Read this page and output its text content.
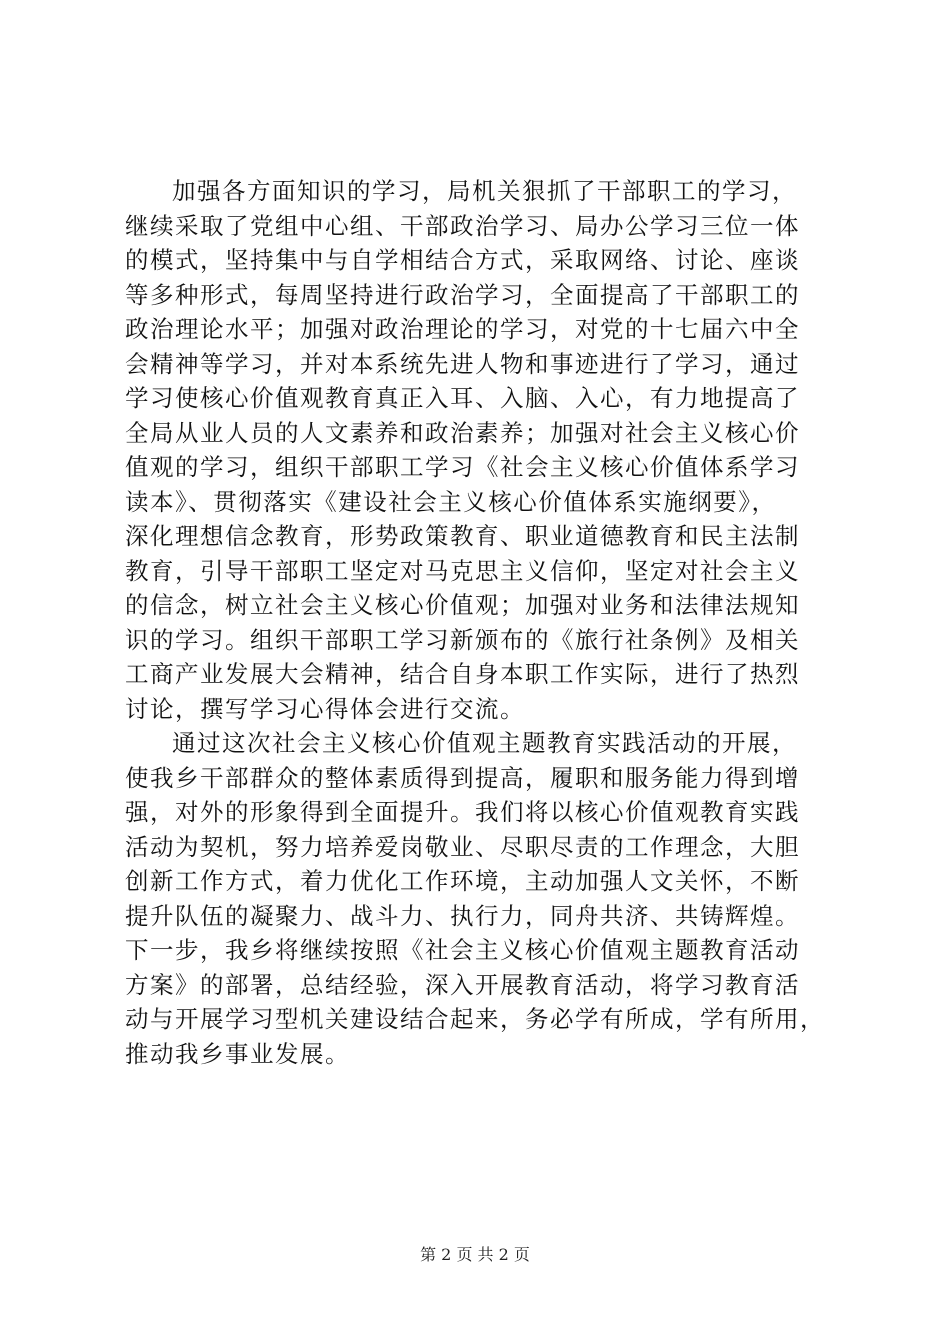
加强各方面知识的学习，局机关狠抓了干部职工的学习，
继续采取了党组中心组、干部政治学习、局办公学习三位一体
的模式，坚持集中与自学相结合方式，采取网络、讨论、座谈
等多种形式，每周坚持进行政治学习，全面提高了干部职工的
政治理论水平；加强对政治理论的学习，对党的十七届六中全
会精神等学习，并对本系统先进人物和事迹进行了学习，通过
学习使核心价值观教育真正入耳、入脑、入心，有力地提高了
全局从业人员的人文素养和政治素养；加强对社会主义核心价
值观的学习，组织干部职工学习《社会主义核心价值体系学习
读本》、贯彻落实《建设社会主义核心价值体系实施纲要》，
深化理想信念教育，形势政策教育、职业道德教育和民主法制
教育，引导干部职工坚定对马克思主义信仰，坚定对社会主义
的信念，树立社会主义核心价值观；加强对业务和法律法规知
识的学习。组织干部职工学习新颁布的《旅行社条例》及相关
工商产业发展大会精神，结合自身本职工作实际，进行了热烈
讨论，撰写学习心得体会进行交流。
通过这次社会主义核心价值观主题教育实践活动的开展，
使我乡干部群众的整体素质得到提高，履职和服务能力得到增
强，对外的形象得到全面提升。我们将以核心价值观教育实践
活动为契机，努力培养爱岗敬业、尽职尽责的工作理念，大胆
创新工作方式，着力优化工作环境，主动加强人文关怀，不断
提升队伍的凝聚力、战斗力、执行力，同舟共济、共铸辉煌。
下一步，我乡将继续按照《社会主义核心价值观主题教育活动
方案》的部署，总结经验，深入开展教育活动，将学习教育活
动与开展学习型机关建设结合起来，务必学有所成，学有所用，
推动我乡事业发展。
第 2 页 共 2 页
